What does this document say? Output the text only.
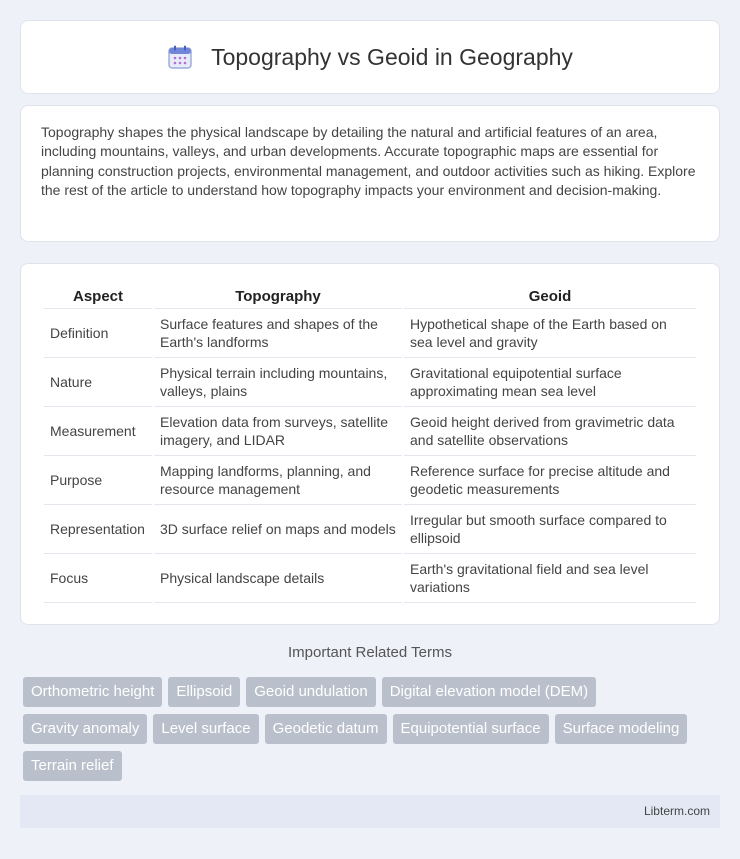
Topography vs Geoid in Geography

Topography shapes the physical landscape by detailing the natural and artificial features of an area, including mountains, valleys, and urban developments. Accurate topographic maps are essential for planning construction projects, environmental management, and outdoor activities such as hiking. Explore the rest of the article to understand how topography impacts your environment and decision-making.

Aspect	Topography	Geoid
Definition	Surface features and shapes of the Earth's landforms	Hypothetical shape of the Earth based on sea level and gravity
Nature	Physical terrain including mountains, valleys, plains	Gravitational equipotential surface approximating mean sea level
Measurement	Elevation data from surveys, satellite imagery, and LIDAR	Geoid height derived from gravimetric data and satellite observations
Purpose	Mapping landforms, planning, and resource management	Reference surface for precise altitude and geodetic measurements
Representation	3D surface relief on maps and models	Irregular but smooth surface compared to ellipsoid
Focus	Physical landscape details	Earth's gravitational field and sea level variations
Important Related Terms
Orthometric height	Ellipsoid	Geoid undulation	Digital elevation model (DEM)
Gravity anomaly	Level surface	Geodetic datum	Equipotential surface	Surface modeling
Terrain relief
Libterm.com
